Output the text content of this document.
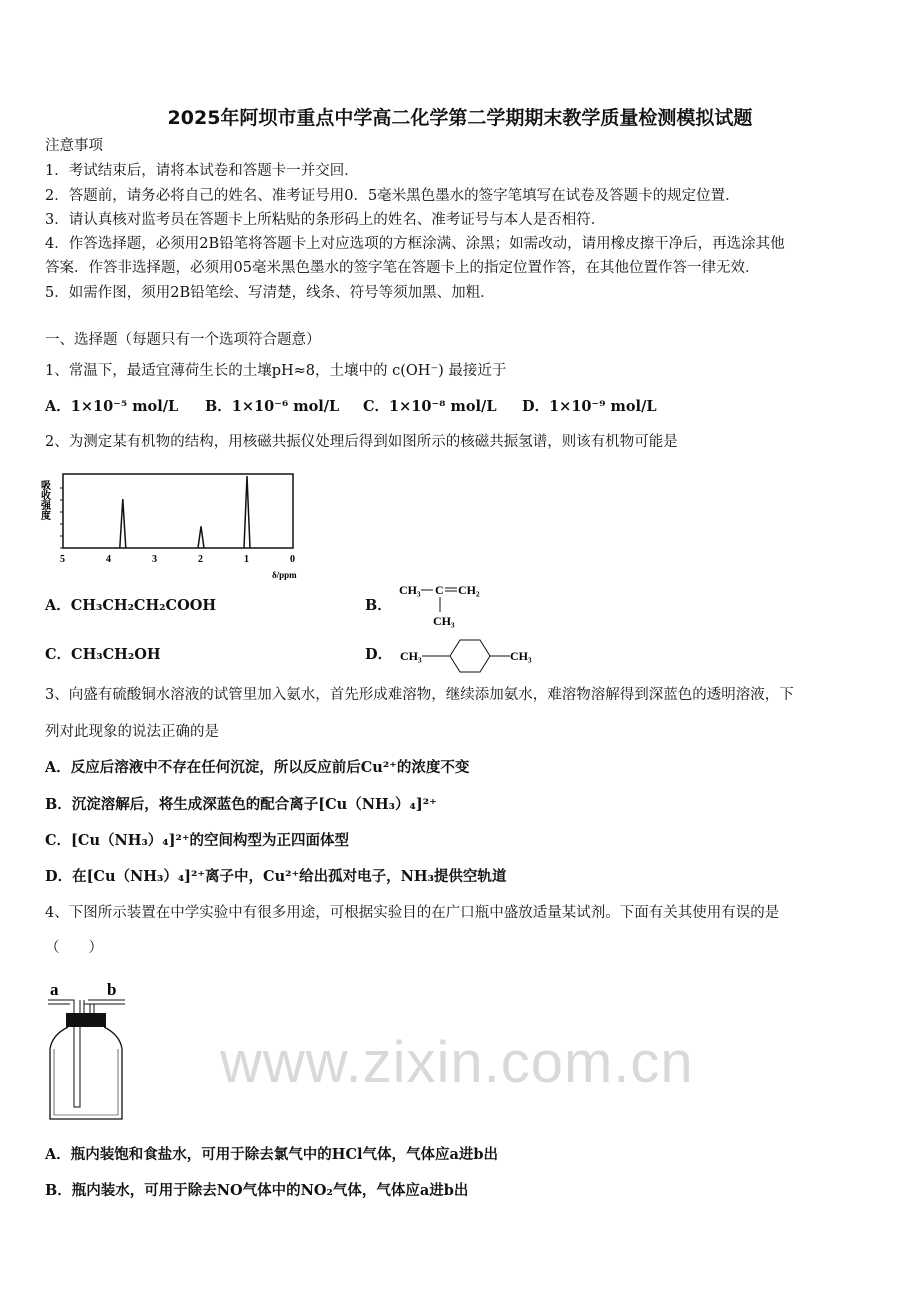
www.zixin.com.cn
2025年阿坝市重点中学高二化学第二学期期末教学质量检测模拟试题
注意事项
1．考试结束后，请将本试卷和答题卡一并交回．
2．答题前，请务必将自己的姓名、准考证号用0．5毫米黑色墨水的签字笔填写在试卷及答题卡的规定位置．
3．请认真核对监考员在答题卡上所粘贴的条形码上的姓名、准考证号与本人是否相符．
4．作答选择题，必须用2B铅笔将答题卡上对应选项的方框涂满、涂黑；如需改动，请用橡皮擦干净后，再选涂其他
答案．作答非选择题，必须用05毫米黑色墨水的签字笔在答题卡上的指定位置作答，在其他位置作答一律无效．
5．如需作图，须用2B铅笔绘、写清楚，线条、符号等须加黑、加粗．
一、选择题（每题只有一个选项符合题意）
1、常温下，最适宜薄荷生长的土壤pH≈8，土壤中的 c(OH⁻) 最接近于
A．1×10⁻⁵ mol/L B．1×10⁻⁶ mol/L C．1×10⁻⁸ mol/L D．1×10⁻⁹ mol/L
2、为测定某有机物的结构，用核磁共振仪处理后得到如图所示的核磁共振氢谱，则该有机物可能是
吸收强度
5	4	3	2	1	0
δ/ppm
A．CH₃CH₂CH₂COOH	B．
CH₃ C CH₂
CH₃
C．CH₃CH₂OH	D． CH₃	CH₃
3、向盛有硫酸铜水溶液的试管里加入氨水，首先形成难溶物，继续添加氨水，难溶物溶解得到深蓝色的透明溶液，下
列对此现象的说法正确的是
A．反应后溶液中不存在任何沉淀，所以反应前后Cu²⁺的浓度不变
B．沉淀溶解后，将生成深蓝色的配合离子[Cu（NH₃）₄]²⁺
C．[Cu（NH₃）₄]²⁺的空间构型为正四面体型
D．在[Cu（NH₃）₄]²⁺离子中，Cu²⁺给出孤对电子，NH₃提供空轨道
4、下图所示装置在中学实验中有很多用途，可根据实验目的在广口瓶中盛放适量某试剂。下面有关其使用有误的是
（　　）
a	b
A．瓶内装饱和食盐水，可用于除去氯气中的HCl气体，气体应a进b出
B．瓶内装水，可用于除去NO气体中的NO₂气体，气体应a进b出
